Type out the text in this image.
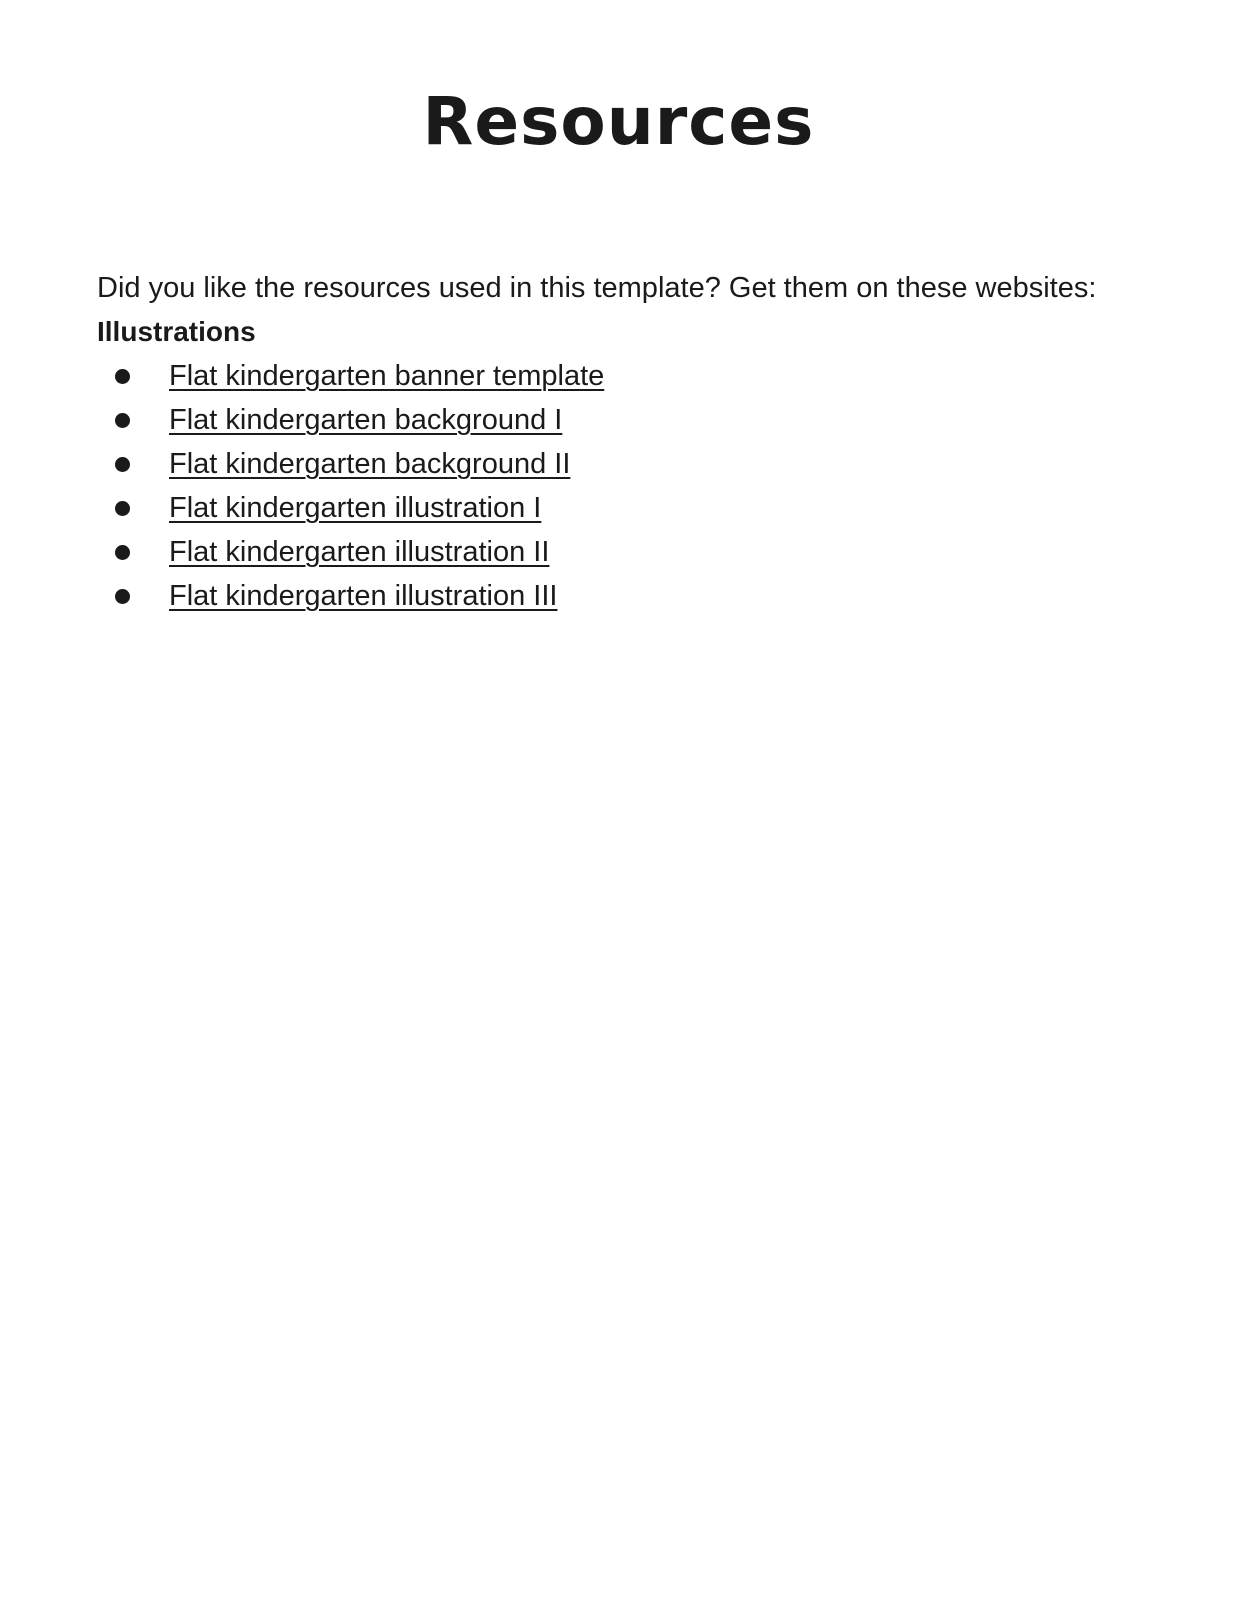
Resources

Did you like the resources used in this template? Get them on these websites:

Illustrations

Flat kindergarten banner template
Flat kindergarten background I
Flat kindergarten background II
Flat kindergarten illustration I
Flat kindergarten illustration II
Flat kindergarten illustration III
